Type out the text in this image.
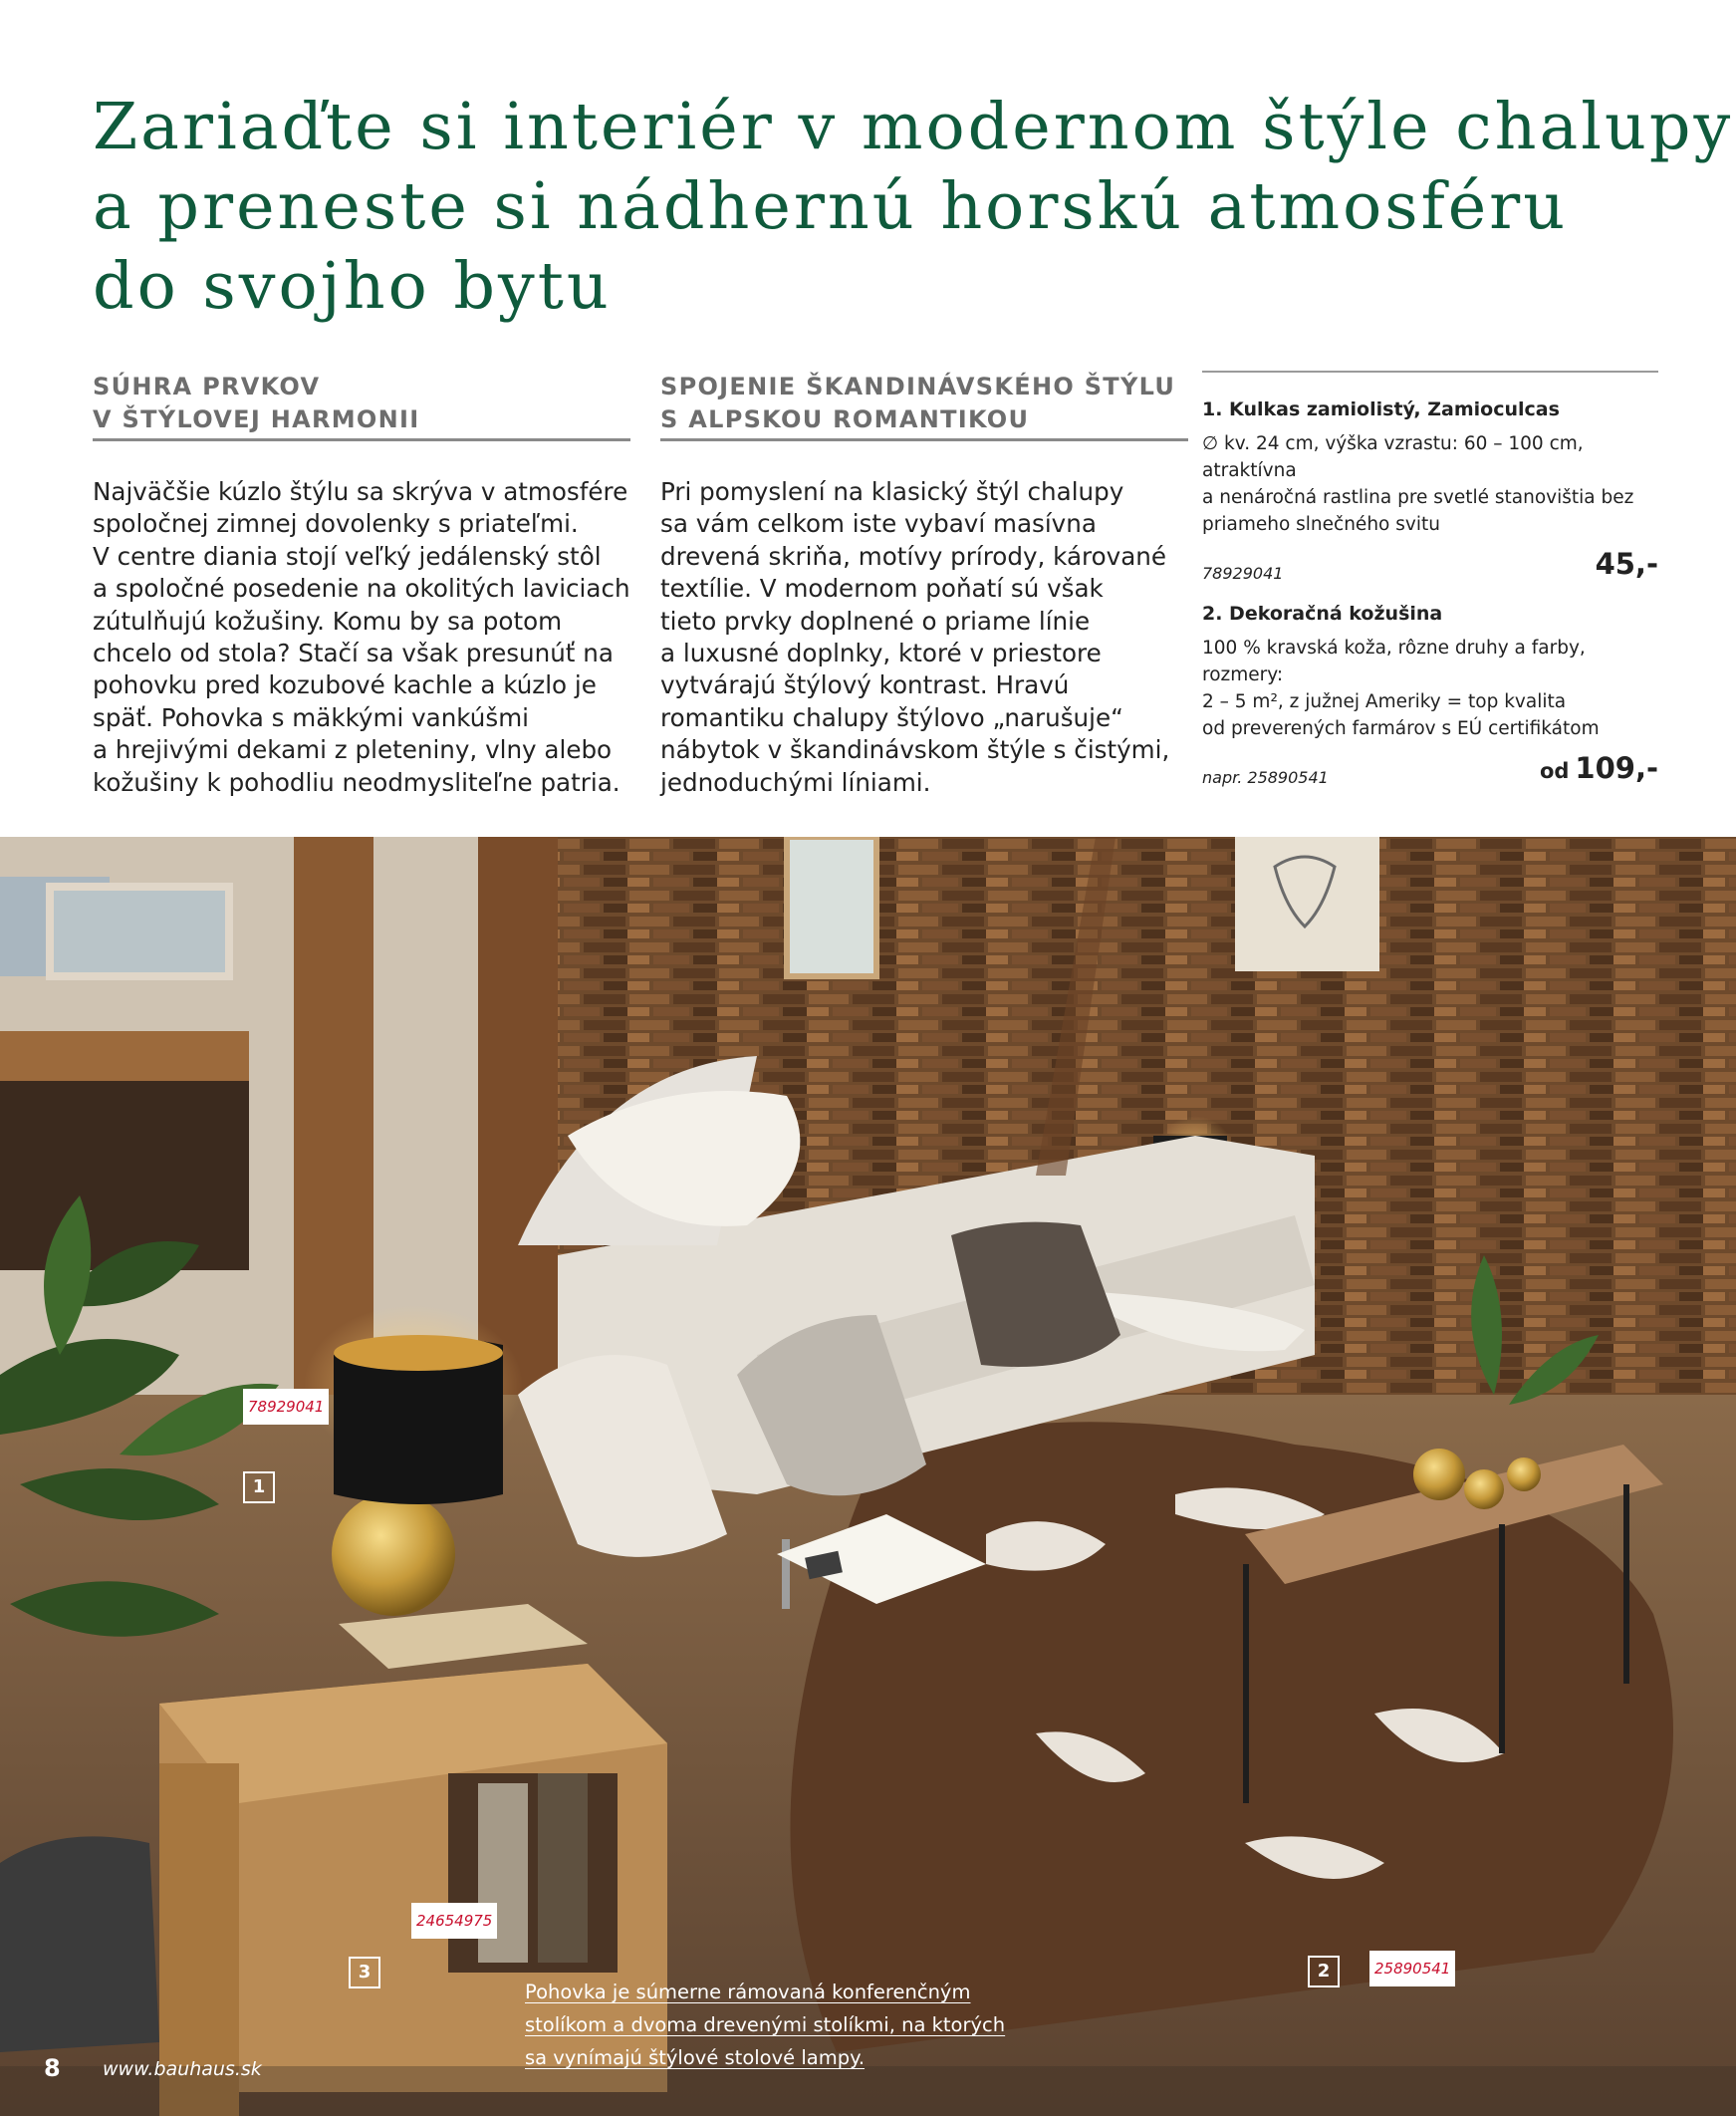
Zariaďte si interiér v modernom štýle chalupy
a preneste si nádhernú horskú atmosféru
do svojho bytu
SÚHRA PRVKOV
V ŠTÝLOVEJ HARMONII
Najväčšie kúzlo štýlu sa skrýva v atmosfére
spoločnej zimnej dovolenky s priateľmi.
V centre diania stojí veľký jedálenský stôl
a spoločné posedenie na okolitých laviciach
zútulňujú kožušiny. Komu by sa potom
chcelo od stola? Stačí sa však presunúť na
pohovku pred kozubové kachle a kúzlo je
späť. Pohovka s mäkkými vankúšmi
a hrejivými dekami z pleteniny, vlny alebo
kožušiny k pohodliu neodmysliteľne patria.
SPOJENIE ŠKANDINÁVSKÉHO ŠTÝLU
S ALPSKOU ROMANTIKOU
Pri pomyslení na klasický štýl chalupy
sa vám celkom iste vybaví masívna
drevená skriňa, motívy prírody, kárované
textílie. V modernom poňatí sú však
tieto prvky doplnené o priame línie
a luxusné doplnky, ktoré v priestore
vytvárajú štýlový kontrast. Hravú
romantiku chalupy štýlovo „narušuje“
nábytok v škandinávskom štýle s čistými,
jednoduchými líniami.
1. Kulkas zamiolistý, Zamioculcas
∅ kv. 24 cm, výška vzrastu: 60 – 100 cm, atraktívna
a nenáročná rastlina pre svetlé stanovištia bez
priameho slnečného svitu
78929041	45,-
2. Dekoračná kožušina
100 % kravská koža, rôzne druhy a farby, rozmery:
2 – 5 m², z južnej Ameriky = top kvalita
od preverených farmárov s EÚ certifikátom
napr. 25890541	od 109,-
78929041
25890541
24654975
1
2
3
Pohovka je súmerne rámovaná konferenčným
stolíkom a dvoma drevenými stolíkmi, na ktorých
sa vynímajú štýlové stolové lampy.
8 www.bauhaus.sk
